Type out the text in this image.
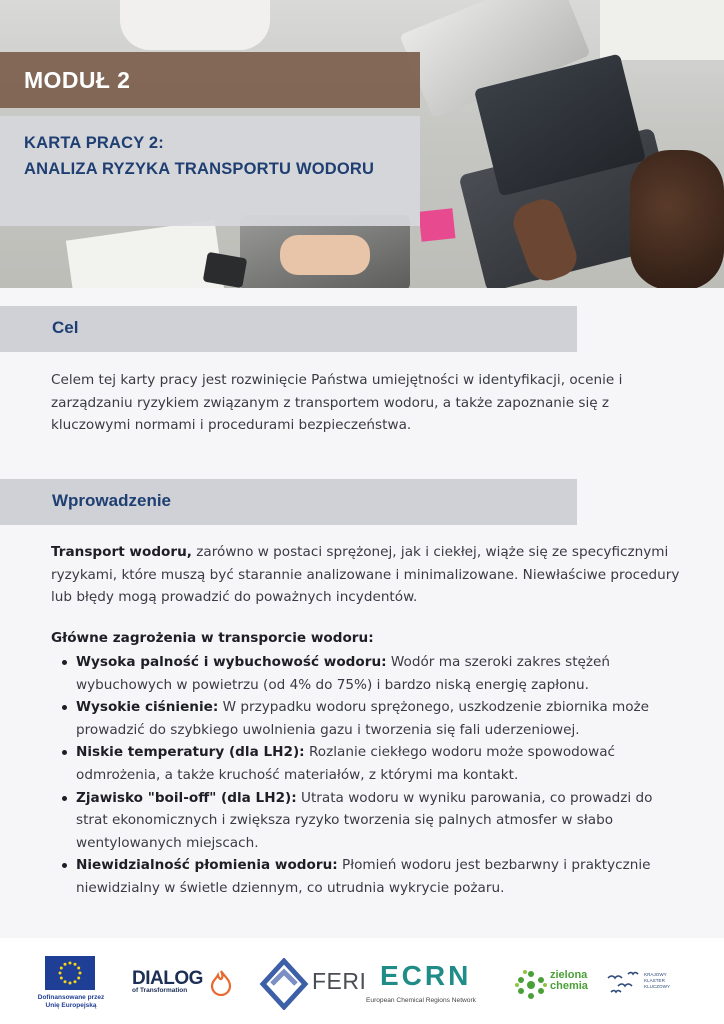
MODUŁ 2
KARTA PRACY 2:
ANALIZA RYZYKA TRANSPORTU WODORU
Cel

Celem tej karty pracy jest rozwinięcie Państwa umiejętności w identyfikacji, ocenie i zarządzaniu ryzykiem związanym z transportem wodoru, a także zapoznanie się z kluczowymi normami i procedurami bezpieczeństwa.

Wprowadzenie

Transport wodoru, zarówno w postaci sprężonej, jak i ciekłej, wiąże się ze specyficznymi ryzykami, które muszą być starannie analizowane i minimalizowane. Niewłaściwe procedury lub błędy mogą prowadzić do poważnych incydentów.

Główne zagrożenia w transporcie wodoru:
Wysoka palność i wybuchowość wodoru: Wodór ma szeroki zakres stężeń wybuchowych w powietrzu (od 4% do 75%) i bardzo niską energię zapłonu.
Wysokie ciśnienie: W przypadku wodoru sprężonego, uszkodzenie zbiornika może prowadzić do szybkiego uwolnienia gazu i tworzenia się fali uderzeniowej.
Niskie temperatury (dla LH2): Rozlanie ciekłego wodoru może spowodować odmrożenia, a także kruchość materiałów, z którymi ma kontakt.
Zjawisko "boil-off" (dla LH2): Utrata wodoru w wyniku parowania, co prowadzi do strat ekonomicznych i zwiększa ryzyko tworzenia się palnych atmosfer w słabo wentylowanych miejscach.
Niewidzialność płomienia wodoru: Płomień wodoru jest bezbarwny i praktycznie niewidzialny w świetle dziennym, co utrudnia wykrycie pożaru.
Dofinansowane przez Unię Europejską
DIALOG
of Transformation	FERI ECRN
European Chemical Regions Network
zielona
chemia
KRAJOWY KLASTER KLUCZOWY
